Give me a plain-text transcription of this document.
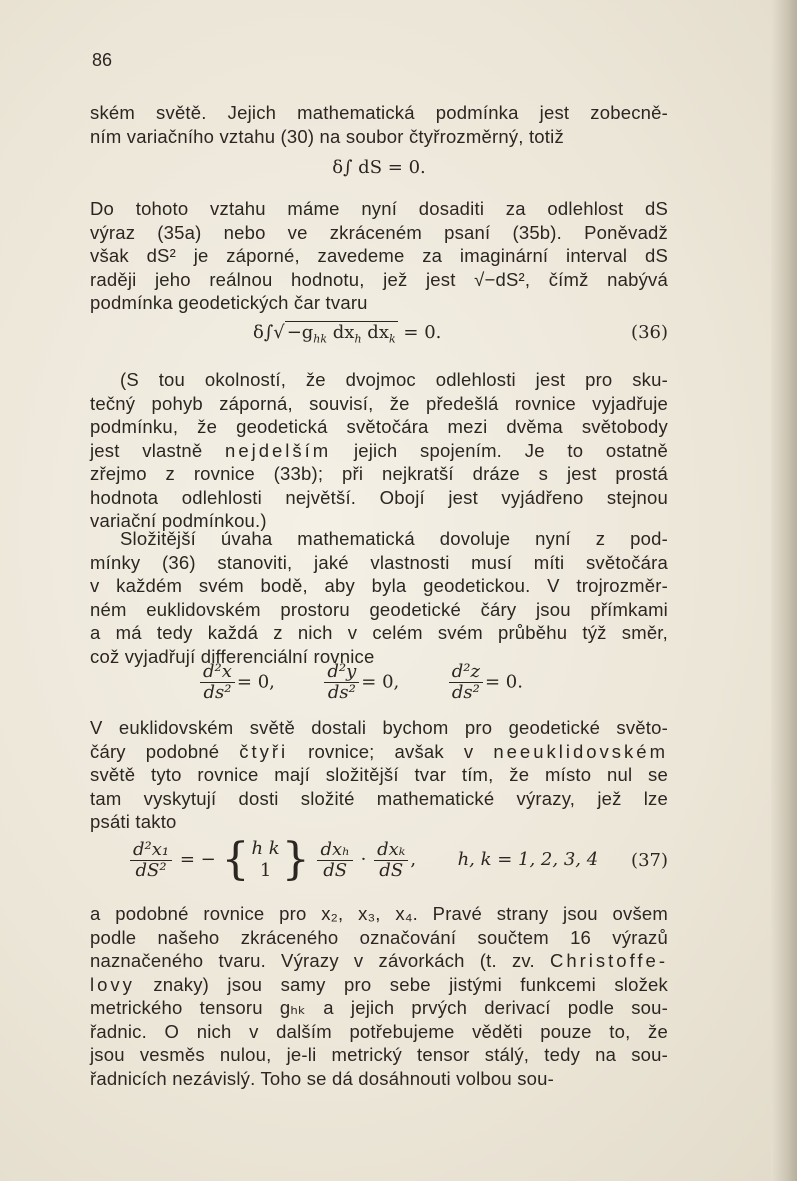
86
ském světě. Jejich mathematická podmínka jest zobecně-
ním variačního vztahu (30) na soubor čtyřrozměrný, totiž
δ∫ dS = 0.
Do tohoto vztahu máme nyní dosaditi za odlehlost dS
výraz (35a) nebo ve zkráceném psaní (35b). Poněvadž
však dS² je záporné, zavedeme za imaginární interval dS
raději jeho reálnou hodnotu, jež jest √−dS², čímž nabývá
podmínka geodetických čar tvaru
$\delta\int√ -g_{hk}$ $dx_h$ $dx_k = 0$.	(36)
(S tou okolností, že dvojmoc odlehlosti jest pro sku-
tečný pohyb záporná, souvisí, že předešlá rovnice vyjadřuje
podmínku, že geodetická světočára mezi dvěma světobody
jest vlastně nejdelším jejich spojením. Je to ostatně
zřejmo z rovnice (33b); při nejkratší dráze s jest prostá
hodnota odlehlosti největší. Obojí jest vyjádřeno stejnou
variační podmínkou.)
Složitější úvaha mathematická dovoluje nyní z pod-
mínky (36) stanoviti, jaké vlastnosti musí míti světočára
v každém svém bodě, aby byla geodetickou. V trojrozměr-
ném euklidovském prostoru geodetické čáry jsou přímkami
a má tedy každá z nich v celém svém průběhu týž směr,
což vyjadřují differenciální rovnice
$\frac{\text{d²x}}{\text{ds²}} = 0$,	$\frac{\text{d²y}}{\text{ds²}} = 0$,	$\frac{\text{d²z}}{\text{ds²}} = 0$.
V euklidovském světě dostali bychom pro geodetické světo-
čáry podobné čtyři rovnice; avšak v neeuklidovském
světě tyto rovnice mají složitější tvar tím, že místo nul se
tam vyskytují dosti složité mathematické výrazy, jež lze
psáti takto
$\frac{\text{d²x₁}}{\text{dS²}}$ = − { h k
1 } $\frac{\text{dxₕ}}{dS} \cdot \frac{\text{dxₖ}}{dS}$ , h, k = 1, 2, 3, 4 (37)
a podobné rovnice pro x₂, x₃, x₄. Pravé strany jsou ovšem
podle našeho zkráceného označování součtem 16 výrazů
naznačeného tvaru. Výrazy v závorkách (t. zv. Christoffe-
lovy znaky) jsou samy pro sebe jistými funkcemi složek
metrického tensoru gₕₖ a jejich prvých derivací podle sou-
řadnic. O nich v dalším potřebujeme věděti pouze to, že
jsou vesměs nulou, je-li metrický tensor stálý, tedy na sou-
řadnicích nezávislý. Toho se dá dosáhnouti volbou sou-
